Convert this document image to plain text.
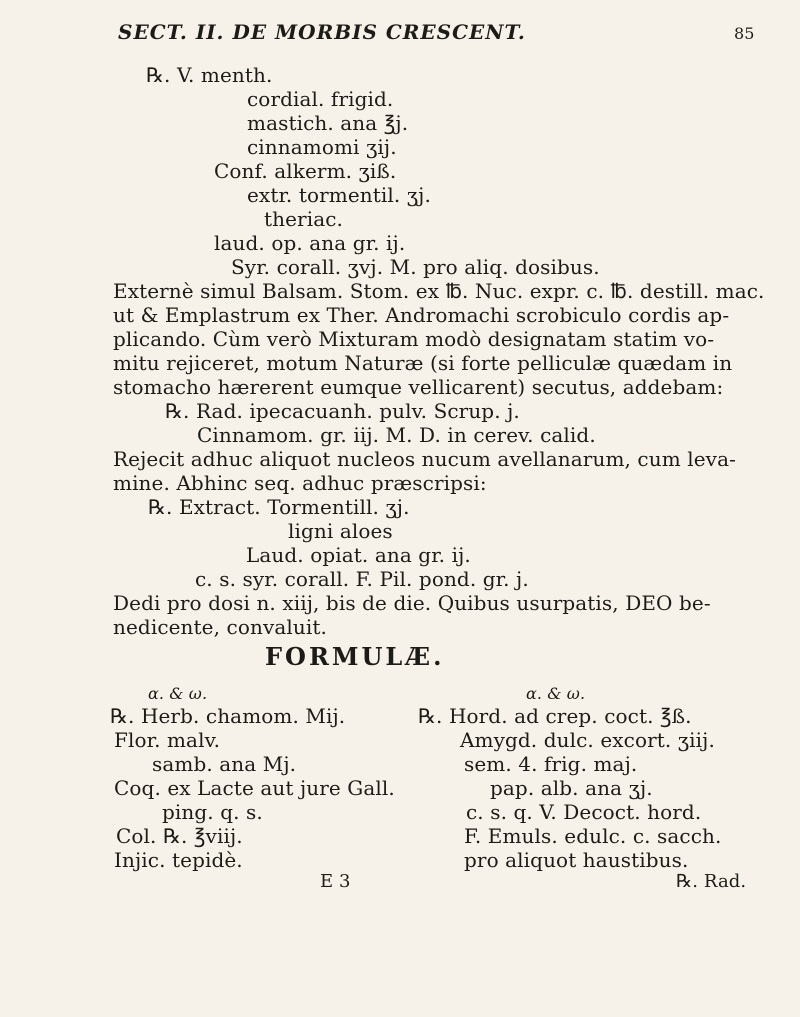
SECT. II. DE MORBIS CRESCENT.	85
℞. V. menth.
cordial. frigid.
mastich. ana ℥j.
cinnamomi ʒij.
Conf. alkerm. ʒiß.
extr. tormentil. ʒj.
theriac.
laud. op. ana gr. ij.
Syr. corall. ʒvj. M. pro aliq. dosibus.
Externè simul Balsam. Stom. ex ℔. Nuc. expr. c. ℔. destill. mac.
ut & Emplastrum ex Ther. Andromachi scrobiculo cordis ap-
plicando. Cùm verò Mixturam modò designatam statim vo-
mitu rejiceret, motum Naturæ (si forte pelliculæ quædam in
stomacho hærerent eumque vellicarent) secutus, addebam:
℞. Rad. ipecacuanh. pulv. Scrup. j.
Cinnamom. gr. iij. M. D. in cerev. calid.
Rejecit adhuc aliquot nucleos nucum avellanarum, cum leva-
mine. Abhinc seq. adhuc præscripsi:
℞. Extract. Tormentill. ʒj.
ligni aloes
Laud. opiat. ana gr. ij.
c. s. syr. corall. F. Pil. pond. gr. j.
Dedi pro dosi n. xiij, bis de die. Quibus usurpatis, DEO be-
nedicente, convaluit.
FORMULÆ.
α. & ω.
℞. Herb. chamom. Mij.
Flor. malv.
samb. ana Mj.
Coq. ex Lacte aut jure Gall.
ping. q. s.
Col. ℞. ℥viij.
Injic. tepidè.
α. & ω.
℞. Hord. ad crep. coct. ℥ß.
Amygd. dulc. excort. ʒiij.
sem. 4. frig. maj.
pap. alb. ana ʒj.
c. s. q. V. Decoct. hord.
F. Emuls. edulc. c. sacch.
pro aliquot haustibus.
E 3	℞. Rad.
